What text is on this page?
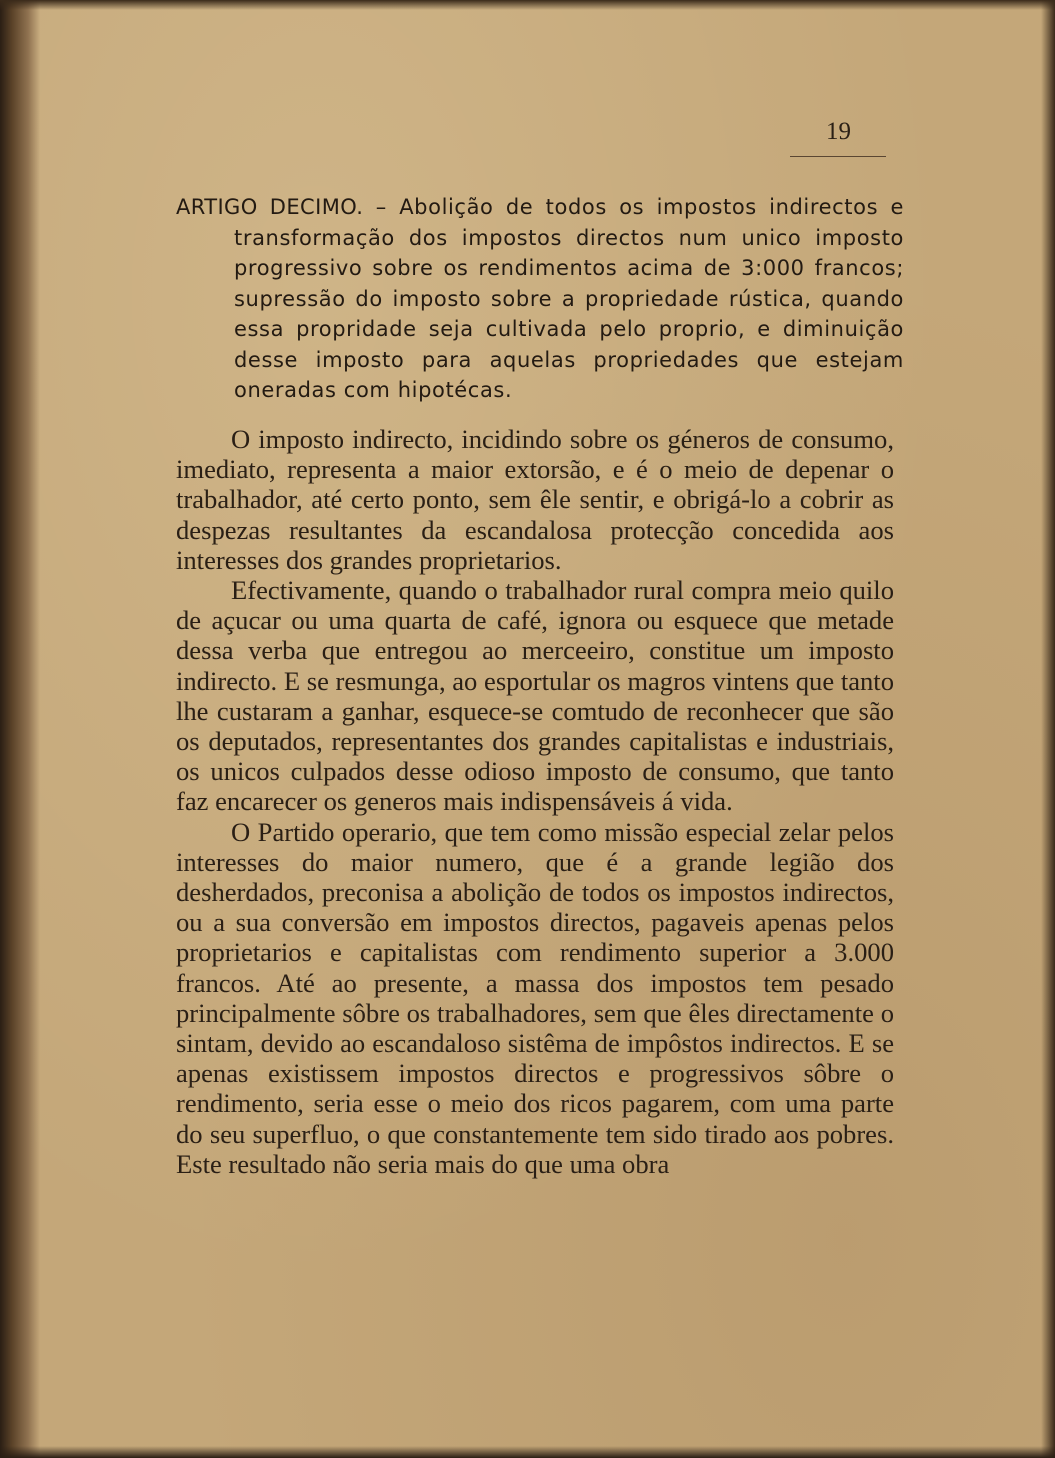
19

ARTIGO DECIMO. – Abolição de todos os impostos indirectos e transformação dos impostos directos num unico imposto progressivo sobre os rendimentos acima de 3:000 francos; supressão do imposto sobre a propriedade rústica, quando essa propridade seja cultivada pelo proprio, e diminuição desse imposto para aquelas propriedades que estejam oneradas com hipotécas.

O imposto indirecto, incidindo sobre os géneros de consumo, imediato, representa a maior extorsão, e é o meio de depenar o trabalhador, até certo ponto, sem êle sentir, e obrigá-lo a cobrir as despezas resultantes da escandalosa protecção concedida aos interesses dos grandes proprietarios.

Efectivamente, quando o trabalhador rural compra meio quilo de açucar ou uma quarta de café, ignora ou esquece que metade dessa verba que entregou ao merceeiro, constitue um imposto indirecto. E se resmunga, ao esportular os magros vintens que tanto lhe custaram a ganhar, esquece-se comtudo de reconhecer que são os deputados, representantes dos grandes capitalistas e industriais, os unicos culpados desse odioso imposto de consumo, que tanto faz encarecer os generos mais indispensáveis á vida.

O Partido operario, que tem como missão especial zelar pelos interesses do maior numero, que é a grande legião dos desherdados, preconisa a abolição de todos os impostos indirectos, ou a sua conversão em impostos directos, pagaveis apenas pelos proprietarios e capitalistas com rendimento superior a 3.000 francos. Até ao presente, a massa dos impostos tem pesado principalmente sôbre os trabalhadores, sem que êles directamente o sintam, devido ao escandaloso sistêma de impôstos indirectos. E se apenas existissem impostos directos e progressivos sôbre o rendimento, seria esse o meio dos ricos pagarem, com uma parte do seu superfluo, o que constantemente tem sido tirado aos pobres. Este resultado não seria mais do que uma obra
